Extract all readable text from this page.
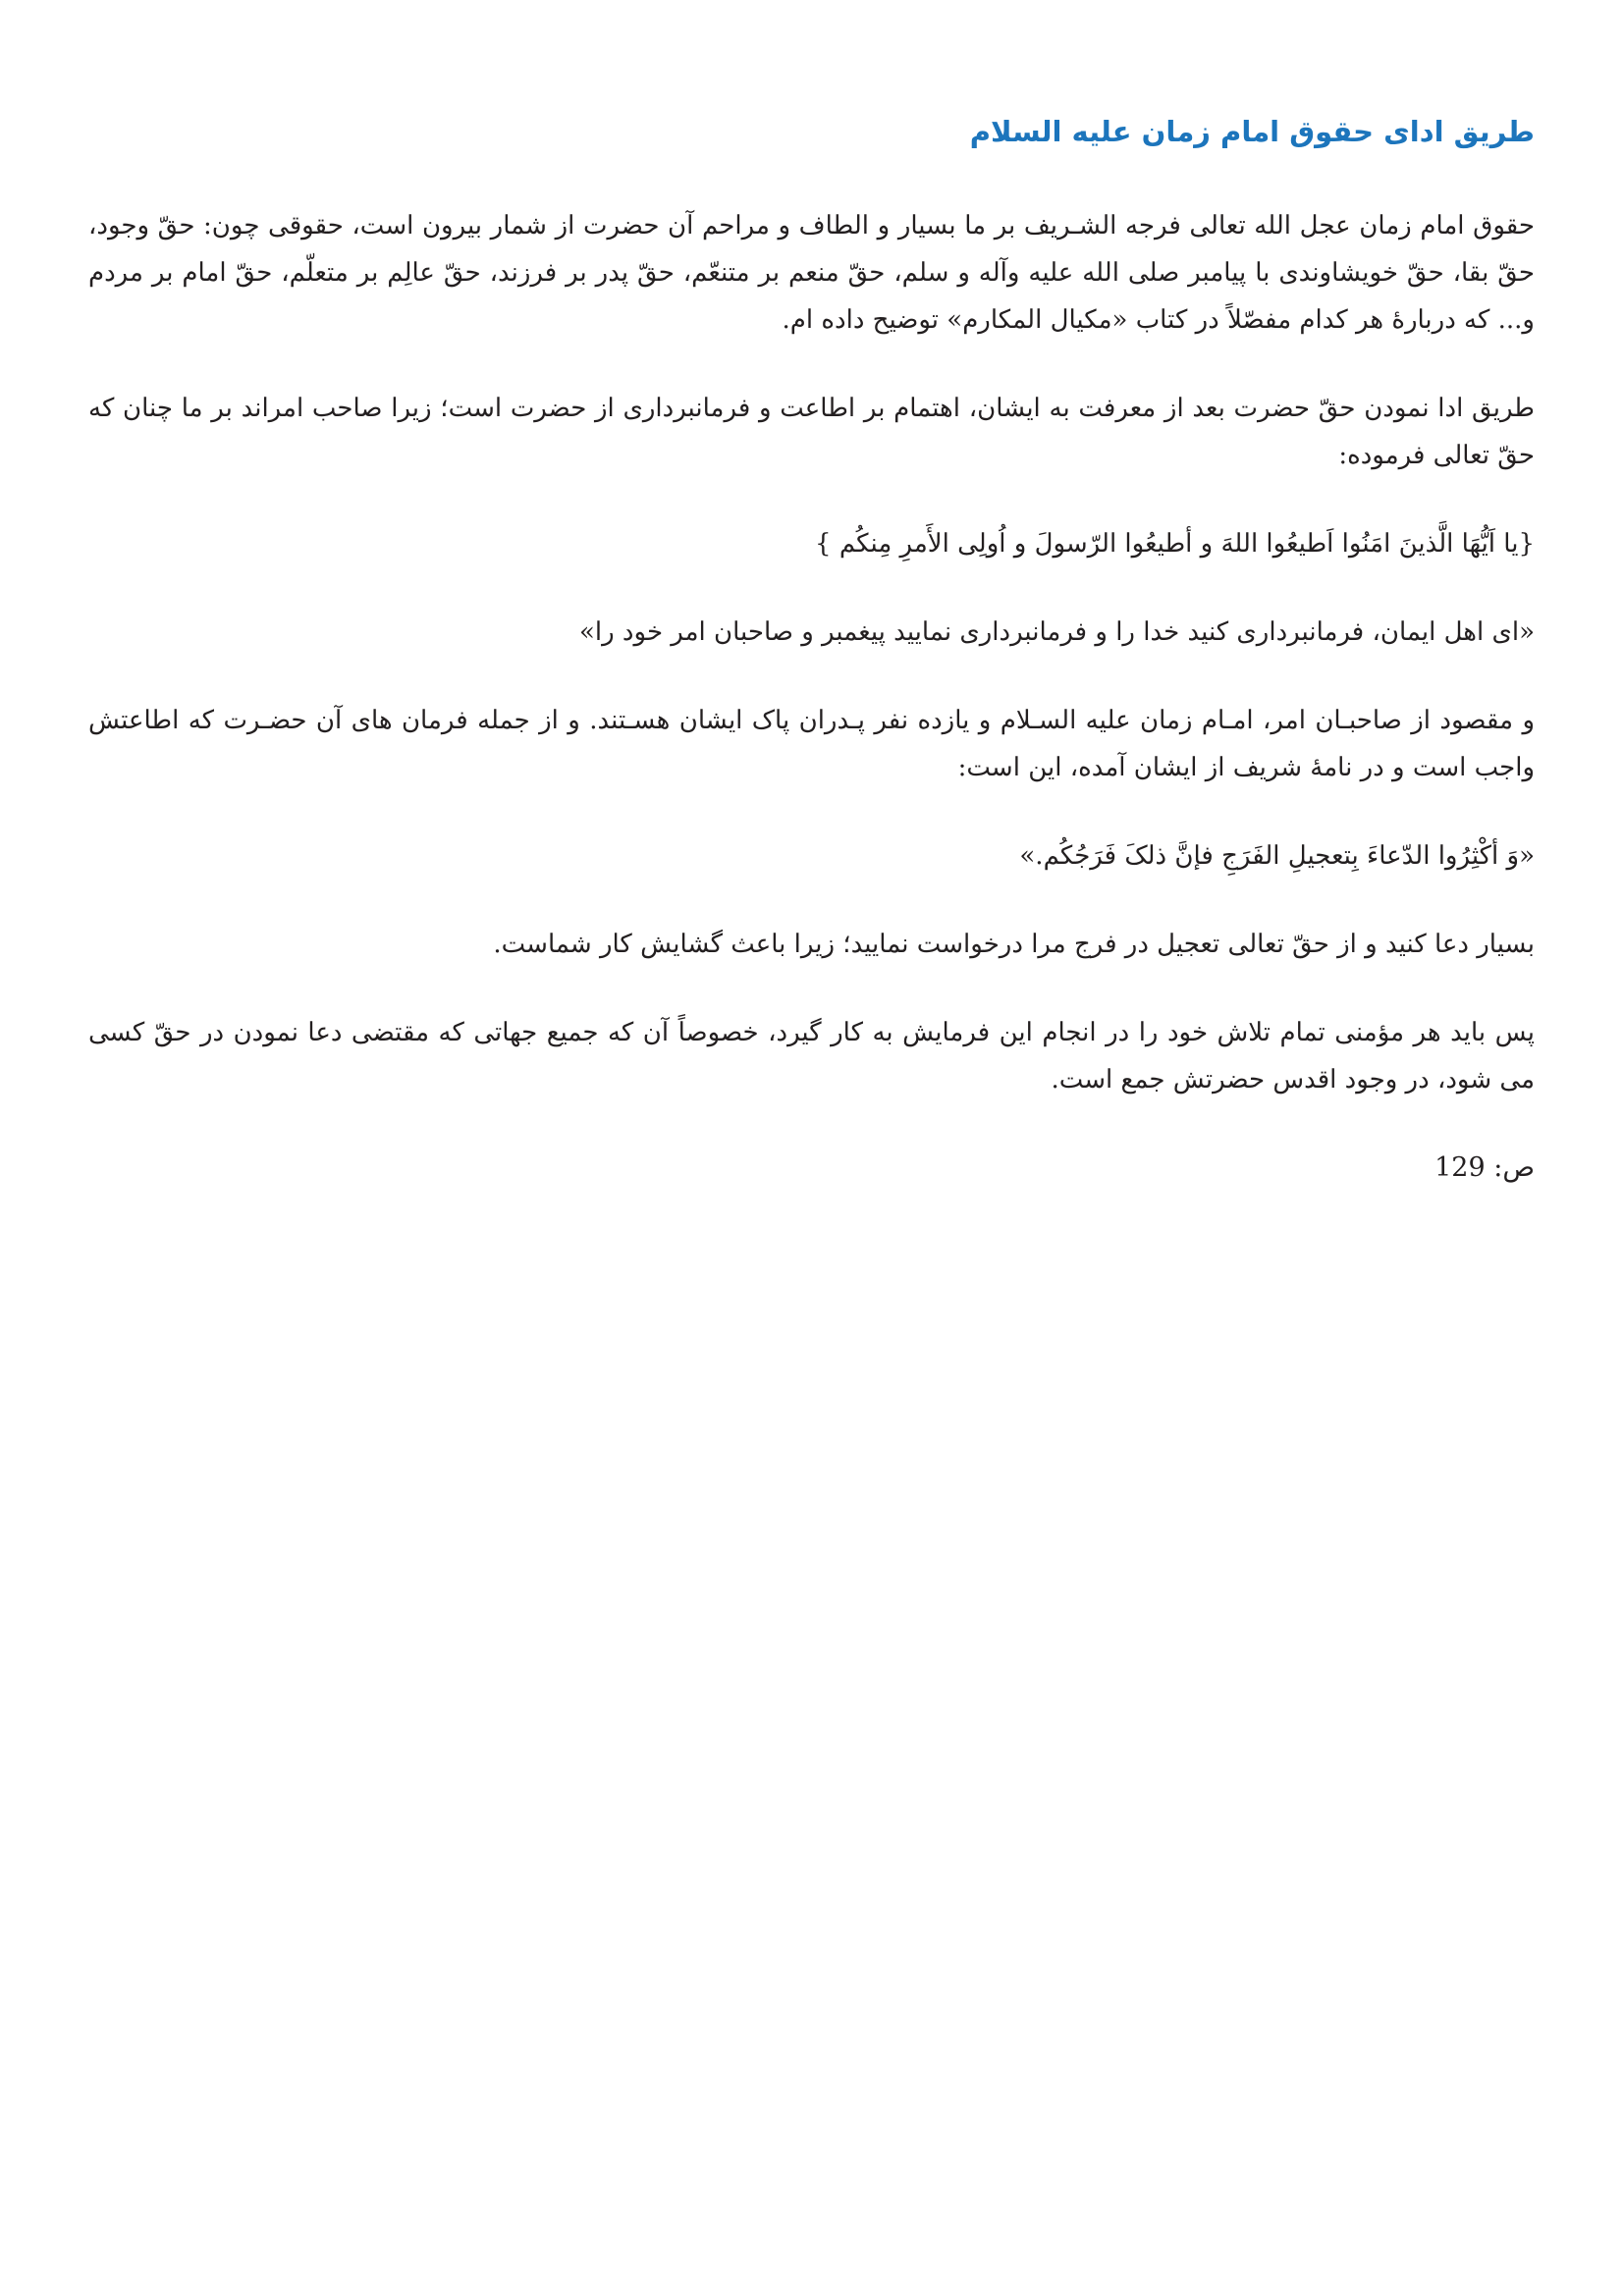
طریق ادای حقوق امام زمان علیه السلام

حقوق امام زمان عجل الله تعالی فرجه الشـریف بر ما بسیار و الطاف و مراحم آن حضرت از شمار بیرون است، حقوقی چون: حقّ وجود، حقّ بقا، حقّ خویشاوندی با پیامبر صلی الله علیه وآله و سلم، حقّ منعم بر متنعّم، حقّ پدر بر فرزند، حقّ عالِم بر متعلّم، حقّ امام بر مردم و... که دربارهٔ هر کدام مفصّلاً در کتاب «مکیال المکارم» توضیح داده ام.

طریق ادا نمودن حقّ حضرت بعد از معرفت به ایشان، اهتمام بر اطاعت و فرمانبرداری از حضرت است؛ زیرا صاحب امراند بر ما چنان که حقّ تعالی فرموده:

{يا اَيُّهَا الَّذينَ امَنُوا اَطيعُوا اللهَ و أطيعُوا الرّسولَ و اُولِی الأَمرِ مِنكُم }

«ای اهل ایمان، فرمانبرداری کنید خدا را و فرمانبرداری نمایید پیغمبر و صاحبان امر خود را»

و مقصود از صاحبـان امر، امـام زمان علیه السـلام و یازده نفر پـدران پاک ایشان هسـتند. و از جمله فرمان های آن حضـرت که اطاعتش واجب است و در نامهٔ شریف از ایشان آمده، این است:

«وَ أكْثِرُوا الدّعاءَ بِتعجيلِ الفَرَجِ فإنَّ ذلکَ فَرَجُكُم.»

بسیار دعا کنید و از حقّ تعالی تعجیل در فرج مرا درخواست نمایید؛ زیرا باعث گشایش کار شماست.

پس باید هر مؤمنی تمام تلاش خود را در انجام این فرمایش به کار گیرد، خصوصاً آن که جمیع جهاتی که مقتضی دعا نمودن در حقّ کسی می شود، در وجود اقدس حضرتش جمع است.

ص: 129
